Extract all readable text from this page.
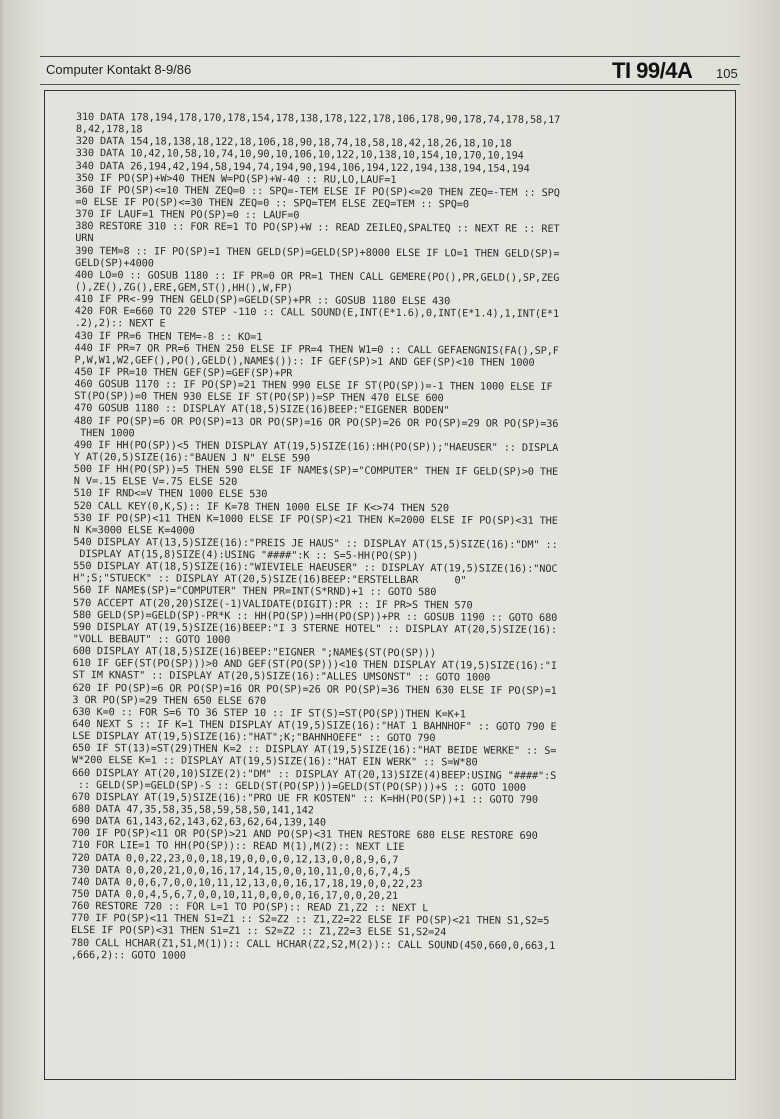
Computer Kontakt 8-9/86	TI 99/4A 105
310 DATA 178,194,178,170,178,154,178,138,178,122,178,106,178,90,178,74,178,58,17
8,42,178,18
320 DATA 154,18,138,18,122,18,106,18,90,18,74,18,58,18,42,18,26,18,10,18
330 DATA 10,42,10,58,10,74,10,90,10,106,10,122,10,138,10,154,10,170,10,194
340 DATA 26,194,42,194,58,194,74,194,90,194,106,194,122,194,138,194,154,194
350 IF PO(SP)+W>40 THEN W=PO(SP)+W-40 :: RU,LO,LAUF=1
360 IF PO(SP)<=10 THEN ZEQ=0 :: SPQ=-TEM ELSE IF PO(SP)<=20 THEN ZEQ=-TEM :: SPQ
=0 ELSE IF PO(SP)<=30 THEN ZEQ=0 :: SPQ=TEM ELSE ZEQ=TEM :: SPQ=0
370 IF LAUF=1 THEN PO(SP)=0 :: LAUF=0
380 RESTORE 310 :: FOR RE=1 TO PO(SP)+W :: READ ZEILEQ,SPALTEQ :: NEXT RE :: RET
URN
390 TEM=8 :: IF PO(SP)=1 THEN GELD(SP)=GELD(SP)+8000 ELSE IF LO=1 THEN GELD(SP)=
GELD(SP)+4000
400 LO=0 :: GOSUB 1180 :: IF PR=0 OR PR=1 THEN CALL GEMERE(PO(),PR,GELD(),SP,ZEG
(),ZE(),ZG(),ERE,GEM,ST(),HH(),W,FP)
410 IF PR<-99 THEN GELD(SP)=GELD(SP)+PR :: GOSUB 1180 ELSE 430
420 FOR E=660 TO 220 STEP -110 :: CALL SOUND(E,INT(E*1.6),0,INT(E*1.4),1,INT(E*1
.2),2):: NEXT E
430 IF PR=6 THEN TEM=-8 :: KO=1
440 IF PR=7 OR PR=6 THEN 250 ELSE IF PR=4 THEN W1=0 :: CALL GEFAENGNIS(FA(),SP,F
P,W,W1,W2,GEF(),PO(),GELD(),NAME$()):: IF GEF(SP)>1 AND GEF(SP)<10 THEN 1000
450 IF PR=10 THEN GEF(SP)=GEF(SP)+PR
460 GOSUB 1170 :: IF PO(SP)=21 THEN 990 ELSE IF ST(PO(SP))=-1 THEN 1000 ELSE IF
ST(PO(SP))=0 THEN 930 ELSE IF ST(PO(SP))=SP THEN 470 ELSE 600
470 GOSUB 1180 :: DISPLAY AT(18,5)SIZE(16)BEEP:"EIGENER BODEN"
480 IF PO(SP)=6 OR PO(SP)=13 OR PO(SP)=16 OR PO(SP)=26 OR PO(SP)=29 OR PO(SP)=36
THEN 1000
490 IF HH(PO(SP))<5 THEN DISPLAY AT(19,5)SIZE(16):HH(PO(SP));"HAEUSER" :: DISPLA
Y AT(20,5)SIZE(16):"BAUEN J N" ELSE 590
500 IF HH(PO(SP))=5 THEN 590 ELSE IF NAME$(SP)="COMPUTER" THEN IF GELD(SP)>0 THE
N V=.15 ELSE V=.75 ELSE 520
510 IF RND<=V THEN 1000 ELSE 530
520 CALL KEY(0,K,S):: IF K=78 THEN 1000 ELSE IF K<>74 THEN 520
530 IF PO(SP)<11 THEN K=1000 ELSE IF PO(SP)<21 THEN K=2000 ELSE IF PO(SP)<31 THE
N K=3000 ELSE K=4000
540 DISPLAY AT(13,5)SIZE(16):"PREIS JE HAUS" :: DISPLAY AT(15,5)SIZE(16):"DM" ::
DISPLAY AT(15,8)SIZE(4):USING "####":K :: S=5-HH(PO(SP))
550 DISPLAY AT(18,5)SIZE(16):"WIEVIELE HAEUSER" :: DISPLAY AT(19,5)SIZE(16):"NOC
H";S;"STUECK" :: DISPLAY AT(20,5)SIZE(16)BEEP:"ERSTELLBAR      0"
560 IF NAME$(SP)="COMPUTER" THEN PR=INT(S*RND)+1 :: GOTO 580
570 ACCEPT AT(20,20)SIZE(-1)VALIDATE(DIGIT):PR :: IF PR>S THEN 570
580 GELD(SP)=GELD(SP)-PR*K :: HH(PO(SP))=HH(PO(SP))+PR :: GOSUB 1190 :: GOTO 680
590 DISPLAY AT(19,5)SIZE(16)BEEP:"I 3 STERNE HOTEL" :: DISPLAY AT(20,5)SIZE(16):
"VOLL BEBAUT" :: GOTO 1000
600 DISPLAY AT(18,5)SIZE(16)BEEP:"EIGNER ";NAME$(ST(PO(SP)))
610 IF GEF(ST(PO(SP)))>0 AND GEF(ST(PO(SP)))<10 THEN DISPLAY AT(19,5)SIZE(16):"I
ST IM KNAST" :: DISPLAY AT(20,5)SIZE(16):"ALLES UMSONST" :: GOTO 1000
620 IF PO(SP)=6 OR PO(SP)=16 OR PO(SP)=26 OR PO(SP)=36 THEN 630 ELSE IF PO(SP)=1
3 OR PO(SP)=29 THEN 650 ELSE 670
630 K=0 :: FOR S=6 TO 36 STEP 10 :: IF ST(S)=ST(PO(SP))THEN K=K+1
640 NEXT S :: IF K=1 THEN DISPLAY AT(19,5)SIZE(16):"HAT 1 BAHNHOF" :: GOTO 790 E
LSE DISPLAY AT(19,5)SIZE(16):"HAT";K;"BAHNHOEFE" :: GOTO 790
650 IF ST(13)=ST(29)THEN K=2 :: DISPLAY AT(19,5)SIZE(16):"HAT BEIDE WERKE" :: S=
W*200 ELSE K=1 :: DISPLAY AT(19,5)SIZE(16):"HAT EIN WERK" :: S=W*80
660 DISPLAY AT(20,10)SIZE(2):"DM" :: DISPLAY AT(20,13)SIZE(4)BEEP:USING "####":S
:: GELD(SP)=GELD(SP)-S :: GELD(ST(PO(SP)))=GELD(ST(PO(SP)))+S :: GOTO 1000
670 DISPLAY AT(19,5)SIZE(16):"PRO UE FR KOSTEN" :: K=HH(PO(SP))+1 :: GOTO 790
680 DATA 47,35,58,35,58,59,58,50,141,142
690 DATA 61,143,62,143,62,63,62,64,139,140
700 IF PO(SP)<11 OR PO(SP)>21 AND PO(SP)<31 THEN RESTORE 680 ELSE RESTORE 690
710 FOR LIE=1 TO HH(PO(SP)):: READ M(1),M(2):: NEXT LIE
720 DATA 0,0,22,23,0,0,18,19,0,0,0,0,12,13,0,0,8,9,6,7
730 DATA 0,0,20,21,0,0,16,17,14,15,0,0,10,11,0,0,6,7,4,5
740 DATA 0,0,6,7,0,0,10,11,12,13,0,0,16,17,18,19,0,0,22,23
750 DATA 0,0,4,5,6,7,0,0,10,11,0,0,0,0,16,17,0,0,20,21
760 RESTORE 720 :: FOR L=1 TO PO(SP):: READ Z1,Z2 :: NEXT L
770 IF PO(SP)<11 THEN S1=Z1 :: S2=Z2 :: Z1,Z2=22 ELSE IF PO(SP)<21 THEN S1,S2=5
ELSE IF PO(SP)<31 THEN S1=Z1 :: S2=Z2 :: Z1,Z2=3 ELSE S1,S2=24
780 CALL HCHAR(Z1,S1,M(1)):: CALL HCHAR(Z2,S2,M(2)):: CALL SOUND(450,660,0,663,1
,666,2):: GOTO 1000
